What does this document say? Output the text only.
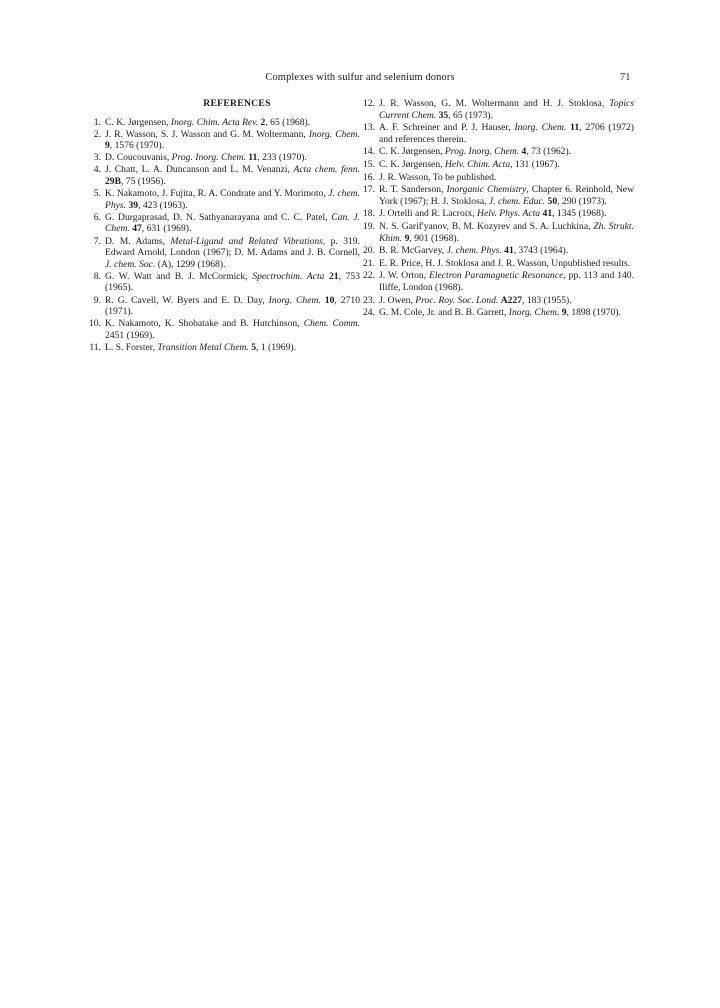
Complexes with sulfur and selenium donors	71
REFERENCES
1. C. K. Jørgensen, Inorg. Chim. Acta Rev. 2, 65 (1968).
2. J. R. Wasson, S. J. Wasson and G. M. Woltermann, Inorg. Chem. 9, 1576 (1970).
3. D. Coucouvanis, Prog. Inorg. Chem. 11, 233 (1970).
4. J. Chatt, L. A. Duncanson and L. M. Venanzi, Acta chem. fenn. 29B, 75 (1956).
5. K. Nakamoto, J. Fujita, R. A. Condrate and Y. Morimoto, J. chem. Phys. 39, 423 (1963).
6. G. Durgaprasad, D. N. Sathyanarayana and C. C. Patel, Can. J. Chem. 47, 631 (1969).
7. D. M. Adams, Metal-Ligand and Related Vibrations, p. 319. Edward Arnold, London (1967); D. M. Adams and J. B. Cornell, J. chem. Soc. (A), 1299 (1968).
8. G. W. Watt and B. J. McCormick, Spectrochim. Acta 21, 753 (1965).
9. R. G. Cavell, W. Byers and E. D. Day, Inorg. Chem. 10, 2710 (1971).
10. K. Nakamoto, K. Shobatake and B. Hutchinson, Chem. Comm. 2451 (1969).
11. L. S. Forster, Transition Metal Chem. 5, 1 (1969).
12. J. R. Wasson, G. M. Woltermann and H. J. Stoklosa, Topics Current Chem. 35, 65 (1973).
13. A. F. Schreiner and P. J. Hauser, Inorg. Chem. 11, 2706 (1972) and references therein.
14. C. K. Jørgensen, Prog. Inorg. Chem. 4, 73 (1962).
15. C. K. Jørgensen, Helv. Chim. Acta, 131 (1967).
16. J. R. Wasson, To be published.
17. R. T. Sanderson, Inorganic Chemistry, Chapter 6. Reinhold, New York (1967); H. J. Stoklosa, J. chem. Educ. 50, 290 (1973).
18. J. Ortelli and R. Lacroix, Helv. Phys. Acta 41, 1345 (1968).
19. N. S. Garif'yanov, B. M. Kozyrev and S. A. Luchkina, Zh. Strukt. Khim. 9, 901 (1968).
20. B. R. McGarvey, J. chem. Phys. 41, 3743 (1964).
21. E. R. Price, H. J. Stoklosa and J. R. Wasson, Unpublished results.
22. J. W. Orton, Electron Paramagnetic Resonance, pp. 113 and 140. Iliffe, London (1968).
23. J. Owen, Proc. Roy. Soc. Lond. A227, 183 (1955).
24. G. M. Cole, Jr. and B. B. Garrett, Inorg. Chem. 9, 1898 (1970).
